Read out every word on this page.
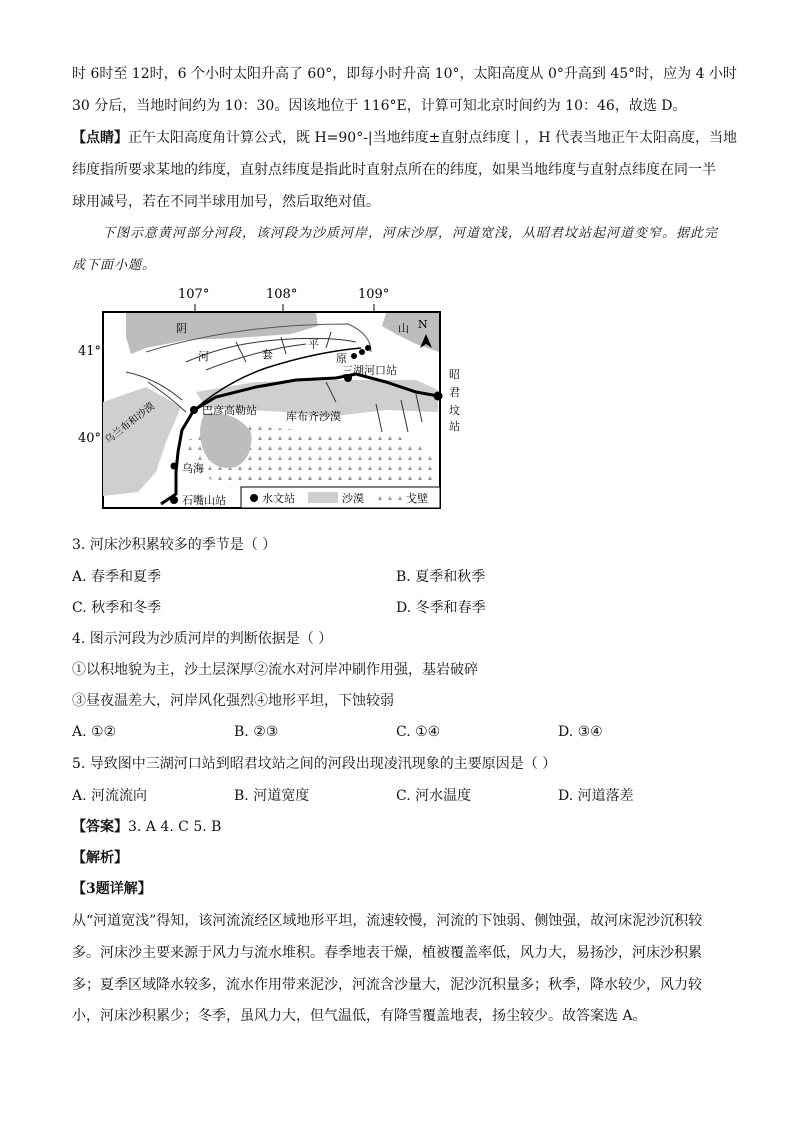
时 6时至 12时，6 个小时太阳升高了 60°，即每小时升高 10°，太阳高度从 0°升高到 45°时，应为 4 小时
30 分后，当地时间约为 10：30。因该地位于 116°E，计算可知北京时间约为 10：46，故选 D。
【点睛】正午太阳高度角计算公式，既 H=90°-|当地纬度±直射点纬度丨，H 代表当地正午太阳高度，当地
纬度指所要求某地的纬度，直射点纬度是指此时直射点所在的纬度，如果当地纬度与直射点纬度在同一半
球用减号，若在不同半球用加号，然后取绝对值。
下图示意黄河部分河段，该河段为沙质河岸，河床沙厚，河道宽浅，从昭君坟站起河道变窄。据此完
成下面小题。
107°	108°	109°
41°
40°
阴	山
河	套
平
原
库布齐沙漠
乌兰布和沙漠
N
三湖河口站	昭
君
坟
站
巴彦高勒站
乌海
石嘴山站	水文站	沙漠	戈壁
3. 河床沙积累较多的季节是（ ）
A. 春季和夏季	B. 夏季和秋季
C. 秋季和冬季	D. 冬季和春季
4. 图示河段为沙质河岸的判断依据是（ ）
①以积地貌为主，沙土层深厚②流水对河岸冲刷作用强，基岩破碎
③昼夜温差大，河岸风化强烈④地形平坦，下蚀较弱
A. ①②	B. ②③	C. ①④	D. ③④
5. 导致图中三湖河口站到昭君坟站之间的河段出现凌汛现象的主要原因是（ ）
A. 河流流向	B. 河道宽度	C. 河水温度	D. 河道落差
【答案】3. A 4. C 5. B
【解析】
【3题详解】
从“河道宽浅”得知，该河流流经区域地形平坦，流速较慢，河流的下蚀弱、侧蚀强，故河床泥沙沉积较
多。河床沙主要来源于风力与流水堆积。春季地表干燥，植被覆盖率低，风力大，易扬沙，河床沙积累
多；夏季区域降水较多，流水作用带来泥沙，河流含沙量大，泥沙沉积量多；秋季，降水较少，风力较
小，河床沙积累少；冬季，虽风力大，但气温低，有降雪覆盖地表，扬尘较少。故答案选 A。
